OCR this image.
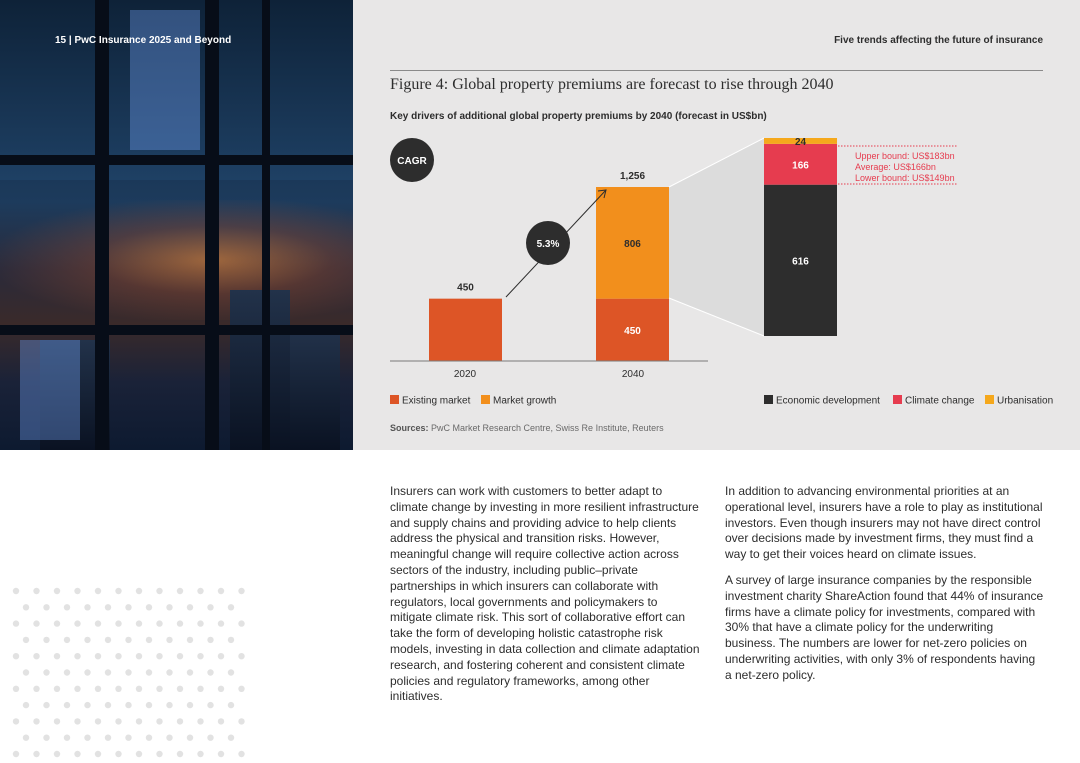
15 | PwC Insurance 2025 and Beyond	Five trends affecting the future of insurance
Figure 4: Global property premiums are forecast to rise through 2040
Key drivers of additional global property premiums by 2040 (forecast in US$bn)
450
1,256
806
450
2020	2040
CAGR
5.3%
616
166
24
Upper bound: US$183bn
Average: US$166bn
Lower bound: US$149bn
Existing market Market growth	Economic development	Climate change Urbanisation
Sources: PwC Market Research Centre, Swiss Re Institute, Reuters

Insurers can work with customers to better adapt to climate change by investing in more resilient infrastructure and supply chains and providing advice to help clients address the physical and transition risks. However, meaningful change will require collective action across sectors of the industry, including public–private partnerships in which insurers can collaborate with regulators, local governments and policymakers to mitigate climate risk. This sort of collaborative effort can take the form of developing holistic catastrophe risk models, investing in data collection and climate adaptation research, and fostering coherent and consistent climate policies and regulatory frameworks, among other initiatives.

In addition to advancing environmental priorities at an operational level, insurers have a role to play as institutional investors. Even though insurers may not have direct control over decisions made by investment firms, they must find a way to get their voices heard on climate issues.

A survey of large insurance companies by the responsible investment charity ShareAction found that 44% of insurance firms have a climate policy for investments, compared with 30% that have a climate policy for the underwriting business. The numbers are lower for net-zero policies on underwriting activities, with only 3% of respondents having a net-zero policy.
